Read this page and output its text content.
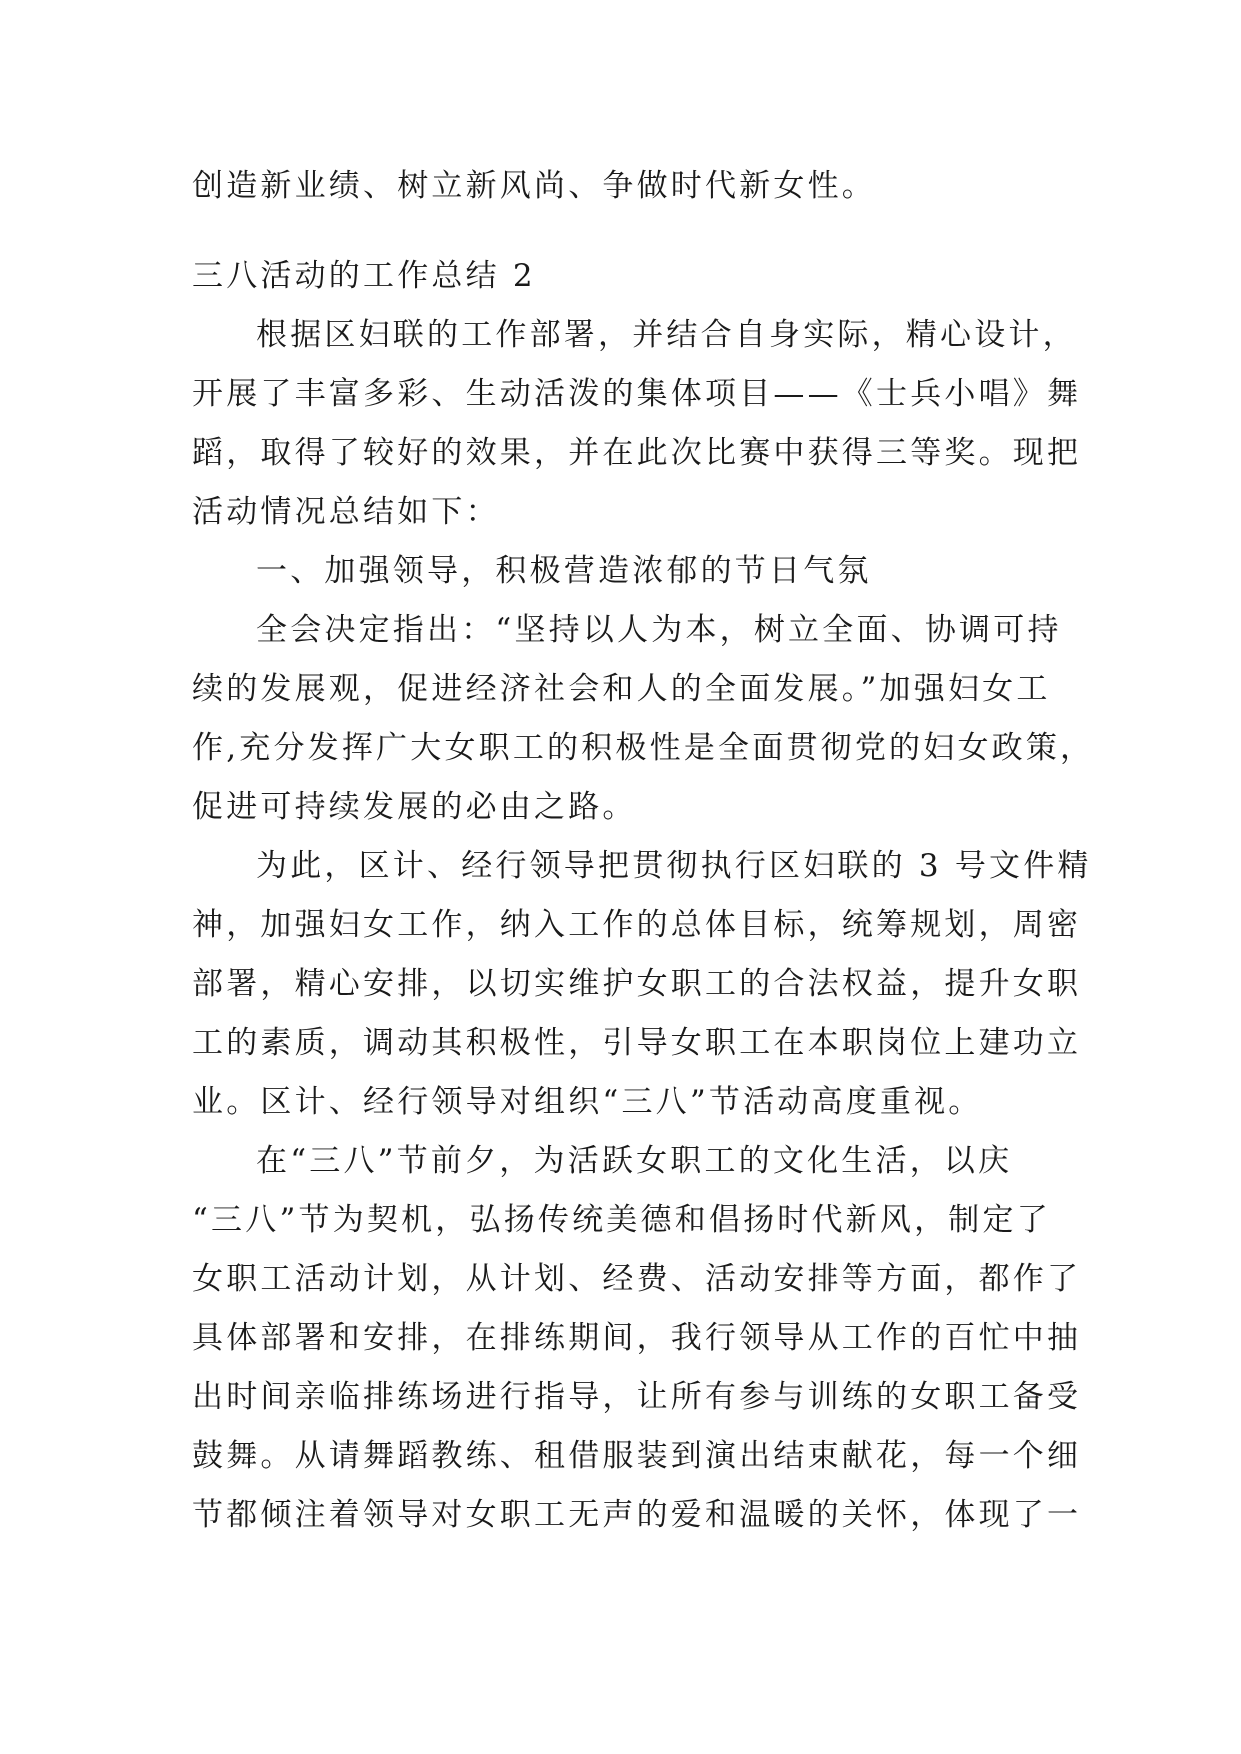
创造新业绩、树立新风尚、争做时代新女性。
三八活动的工作总结 2
根据区妇联的工作部署，并结合自身实际，精心设计，
开展了丰富多彩、生动活泼的集体项目——《士兵小唱》舞
蹈，取得了较好的效果，并在此次比赛中获得三等奖。现把
活动情况总结如下：
一、加强领导，积极营造浓郁的节日气氛
全会决定指出：“坚持以人为本，树立全面、协调可持
续的发展观，促进经济社会和人的全面发展。”加强妇女工
作,充分发挥广大女职工的积极性是全面贯彻党的妇女政策，
促进可持续发展的必由之路。
为此，区计、经行领导把贯彻执行区妇联的 3 号文件精
神，加强妇女工作，纳入工作的总体目标，统筹规划，周密
部署，精心安排，以切实维护女职工的合法权益，提升女职
工的素质，调动其积极性，引导女职工在本职岗位上建功立
业。区计、经行领导对组织“三八”节活动高度重视。
在“三八”节前夕，为活跃女职工的文化生活，以庆
“三八”节为契机，弘扬传统美德和倡扬时代新风，制定了
女职工活动计划，从计划、经费、活动安排等方面，都作了
具体部署和安排，在排练期间，我行领导从工作的百忙中抽
出时间亲临排练场进行指导，让所有参与训练的女职工备受
鼓舞。从请舞蹈教练、租借服装到演出结束献花，每一个细
节都倾注着领导对女职工无声的爱和温暖的关怀，体现了一
